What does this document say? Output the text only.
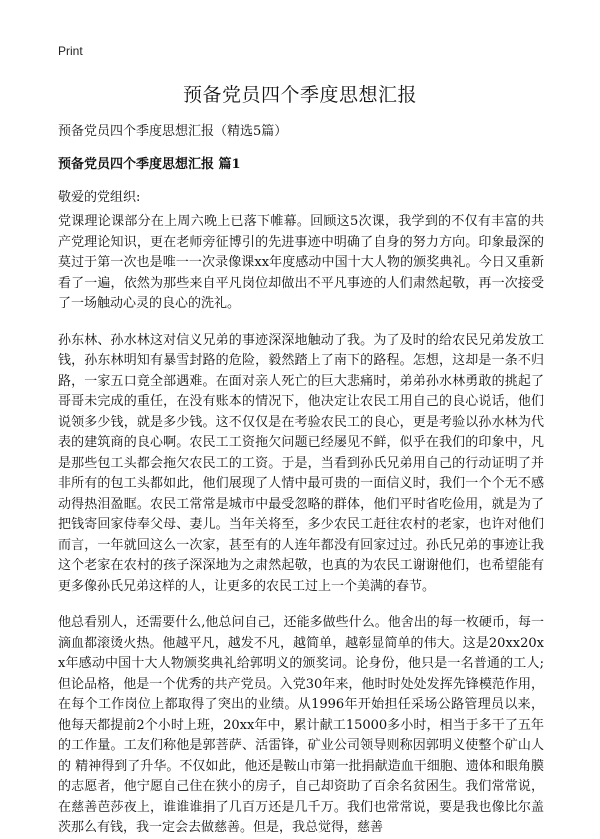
Print
预备党员四个季度思想汇报

预备党员四个季度思想汇报（精选5篇）

预备党员四个季度思想汇报 篇1

敬爱的党组织:

党课理论课部分在上周六晚上已落下帷幕。回顾这5次课，我学到的不仅有丰富的共产党理论知识，更在老师旁征博引的先进事迹中明确了自身的努力方向。印象最深的莫过于第一次也是唯一一次录像课xx年度感动中国十大人物的颁奖典礼。今日又重新看了一遍，依然为那些来自平凡岗位却做出不平凡事迹的人们肃然起敬，再一次接受了一场触动心灵的良心的洗礼。

孙东林、孙水林这对信义兄弟的事迹深深地触动了我。为了及时的给农民兄弟发放工钱，孙东林明知有暴雪封路的危险，毅然踏上了南下的路程。怎想，这却是一条不归路，一家五口竟全部遇难。在面对亲人死亡的巨大悲痛时，弟弟孙水林勇敢的挑起了哥哥未完成的重任，在没有账本的情况下，他决定让农民工用自己的良心说话，他们说领多少钱，就是多少钱。这不仅仅是在考验农民工的良心，更是考验以孙水林为代表的建筑商的良心啊。农民工工资拖欠问题已经屡见不鲜，似乎在我们的印象中，凡是那些包工头都会拖欠农民工的工资。于是，当看到孙氏兄弟用自己的行动证明了并非所有的包工头都如此，他们展现了人情中最可贵的一面信义时，我们一个个无不感动得热泪盈眶。农民工常常是城市中最受忽略的群体，他们平时省吃俭用，就是为了把钱寄回家侍奉父母、妻儿。当年关将至，多少农民工赶往农村的老家，也许对他们而言，一年就回这么一次家，甚至有的人连年都没有回家过过。孙氏兄弟的事迹让我这个老家在农村的孩子深深地为之肃然起敬，也真的为农民工谢谢他们，也希望能有更多像孙氏兄弟这样的人，让更多的农民工过上一个美满的春节。

他总看别人，还需要什么,他总问自己，还能多做些什么。他舍出的每一枚硬币，每一滴血都滚烫火热。他越平凡，越发不凡，越简单，越彰显简单的伟大。这是20xx20xx年感动中国十大人物颁奖典礼给郭明义的颁奖词。论身份，他只是一名普通的工人;但论品格，他是一个优秀的共产党员。入党30年来，他时时处处发挥先锋模范作用，在每个工作岗位上都取得了突出的业绩。从1996年开始担任采场公路管理员以来，他每天都提前2个小时上班，20xx年中，累计献工15000多小时，相当于多干了五年的工作量。工友们称他是郭菩萨、活雷锋，矿业公司领导则称因郭明义使整个矿山人的 精神得到了升华。不仅如此，他还是鞍山市第一批捐献造血干细胞、遗体和眼角膜的志愿者，他宁愿自己住在狭小的房子，自己却资助了百余名贫困生。我们常常说，在慈善芭莎夜上，谁谁谁捐了几百万还是几千万。我们也常常说，要是我也像比尔盖茨那么有钱，我一定会去做慈善。但是，我总觉得，慈善
